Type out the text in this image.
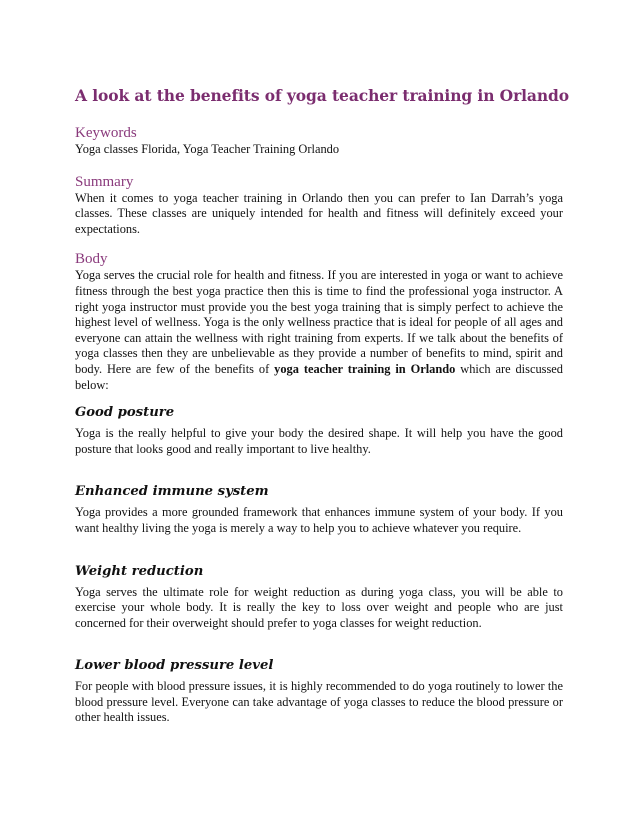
A look at the benefits of yoga teacher training in Orlando

Keywords

Yoga classes Florida, Yoga Teacher Training Orlando

Summary

When it comes to yoga teacher training in Orlando then you can prefer to Ian Darrah’s yoga classes. These classes are uniquely intended for health and fitness will definitely exceed your expectations.

Body

Yoga serves the crucial role for health and fitness. If you are interested in yoga or want to achieve fitness through the best yoga practice then this is time to find the professional yoga instructor. A right yoga instructor must provide you the best yoga training that is simply perfect to achieve the highest level of wellness. Yoga is the only wellness practice that is ideal for people of all ages and everyone can attain the wellness with right training from experts. If we talk about the benefits of yoga classes then they are unbelievable as they provide a number of benefits to mind, spirit and body. Here are few of the benefits of yoga teacher training in Orlando which are discussed below:

Good posture

Yoga is the really helpful to give your body the desired shape. It will help you have the good posture that looks good and really important to live healthy.

Enhanced immune system

Yoga provides a more grounded framework that enhances immune system of your body. If you want healthy living the yoga is merely a way to help you to achieve whatever you require.

Weight reduction

Yoga serves the ultimate role for weight reduction as during yoga class, you will be able to exercise your whole body. It is really the key to loss over weight and people who are just concerned for their overweight should prefer to yoga classes for weight reduction.

Lower blood pressure level

For people with blood pressure issues, it is highly recommended to do yoga routinely to lower the blood pressure level. Everyone can take advantage of yoga classes to reduce the blood pressure or other health issues.
